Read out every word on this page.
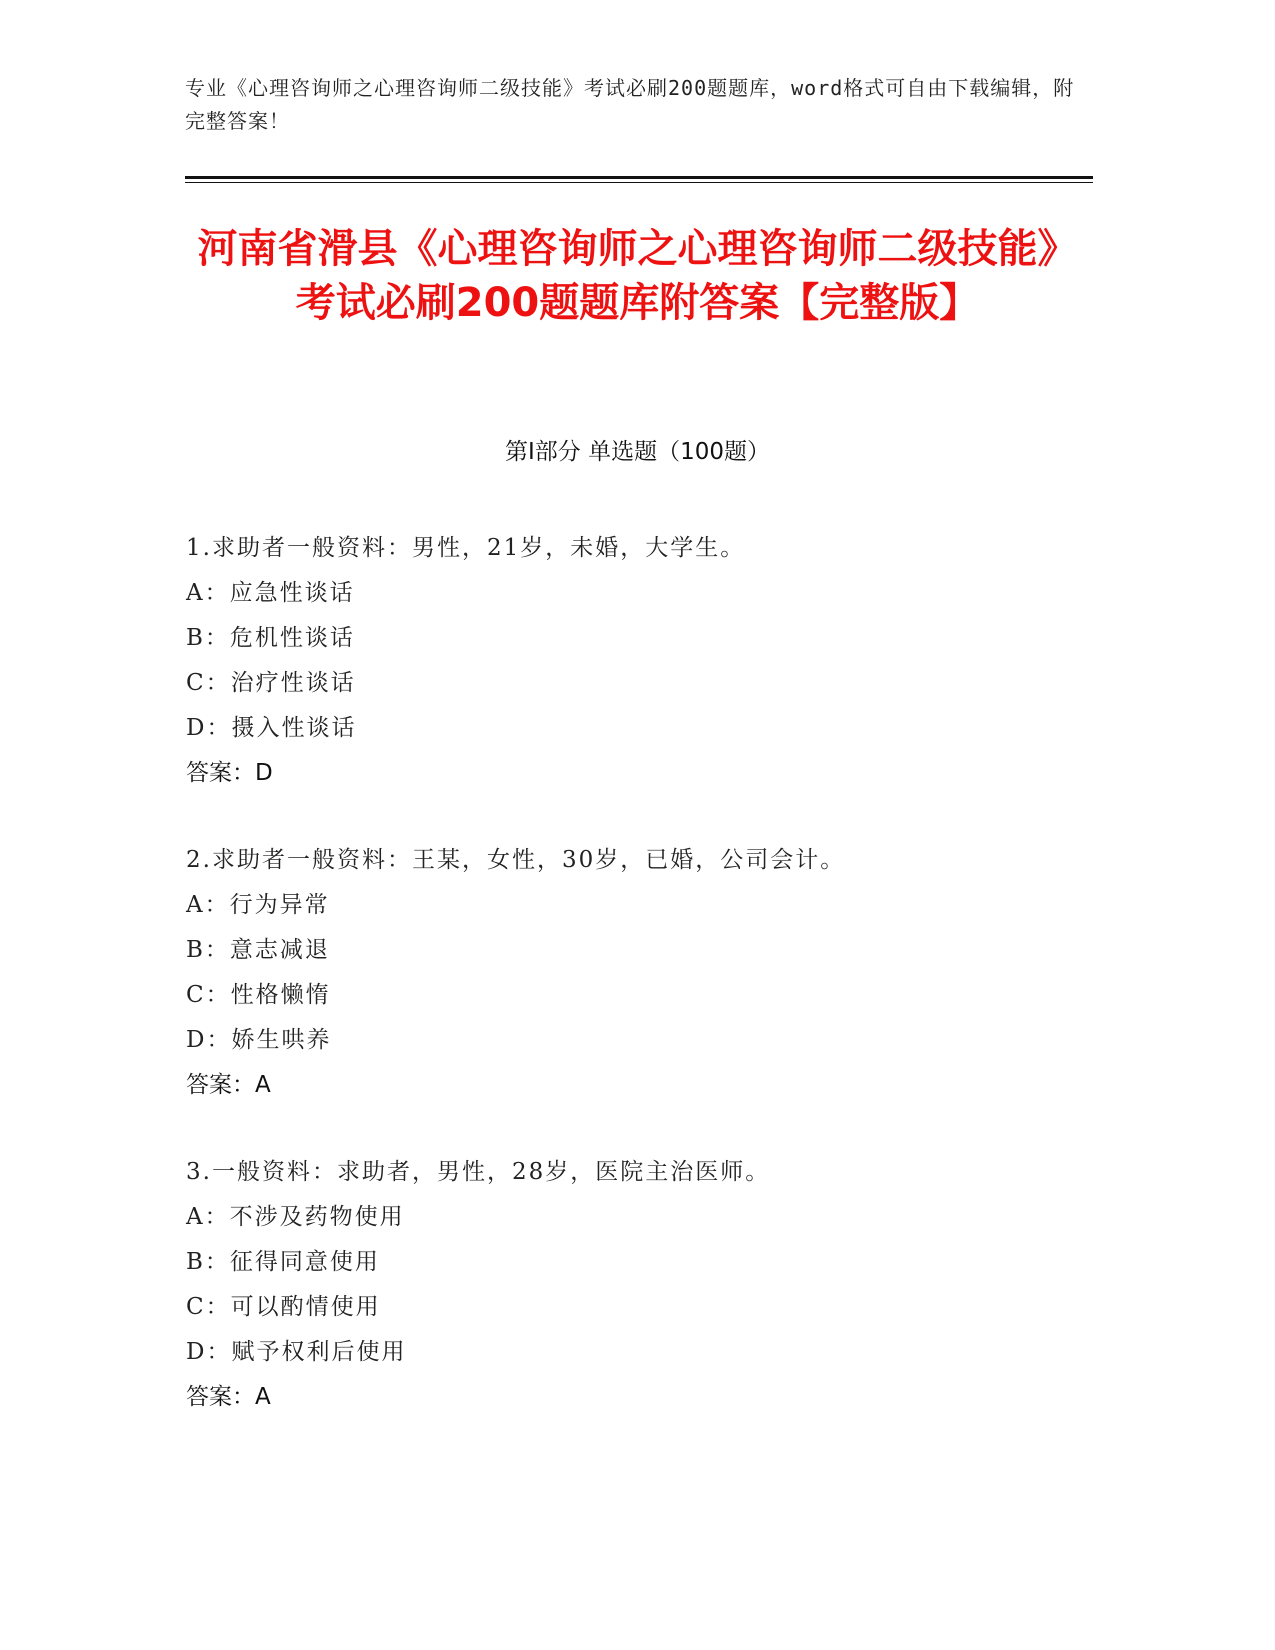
专业《心理咨询师之心理咨询师二级技能》考试必刷200题题库，word格式可自由下载编辑，附完整答案！
河南省滑县《心理咨询师之心理咨询师二级技能》考试必刷200题题库附答案【完整版】
第I部分 单选题（100题）
1.求助者一般资料：男性，21岁，未婚，大学生。
A：应急性谈话
B：危机性谈话
C：治疗性谈话
D：摄入性谈话
答案：D
2.求助者一般资料：王某，女性，30岁，已婚，公司会计。
A：行为异常
B：意志减退
C：性格懒惰
D：娇生哄养
答案：A
3.一般资料：求助者，男性，28岁，医院主治医师。
A：不涉及药物使用
B：征得同意使用
C：可以酌情使用
D：赋予权利后使用
答案：A
